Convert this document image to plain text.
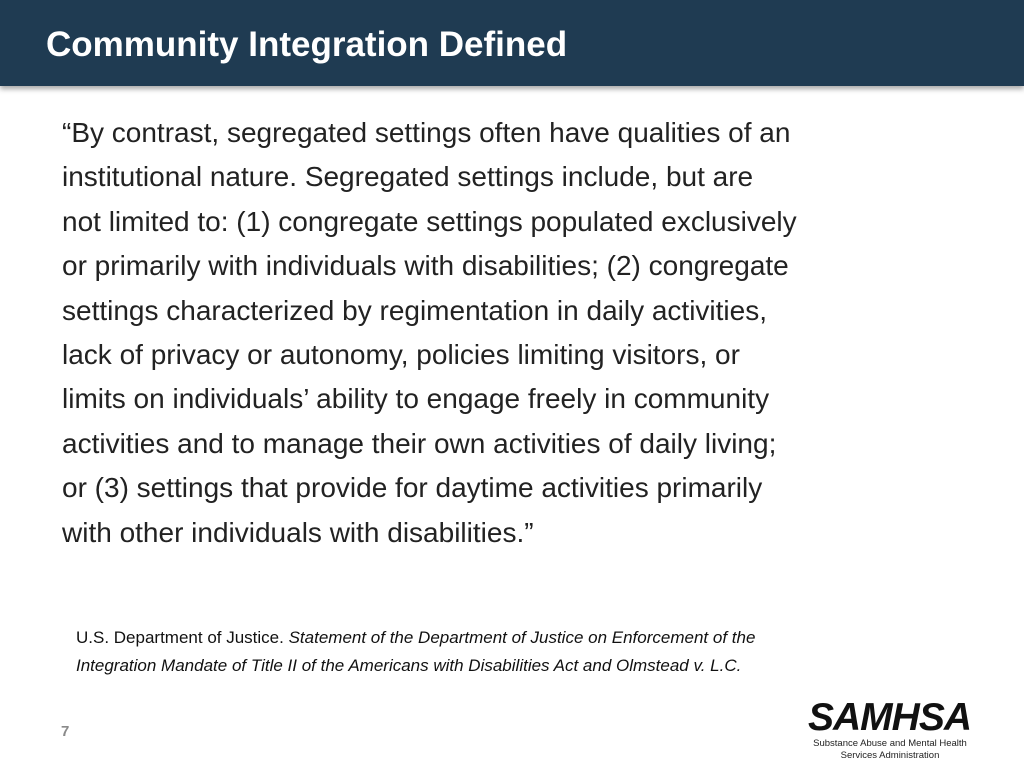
Community Integration Defined
“By contrast, segregated settings often have qualities of an
institutional nature. Segregated settings include, but are
not limited to: (1) congregate settings populated exclusively
or primarily with individuals with disabilities; (2) congregate
settings characterized by regimentation in daily activities,
lack of privacy or autonomy, policies limiting visitors, or
limits on individuals’ ability to engage freely in community
activities and to manage their own activities of daily living;
or (3) settings that provide for daytime activities primarily
with other individuals with disabilities.”
U.S. Department of Justice. Statement of the Department of Justice on Enforcement of the
Integration Mandate of Title II of the Americans with Disabilities Act and Olmstead v. L.C.
7	SAMHSA
Substance Abuse and Mental Health
Services Administration
